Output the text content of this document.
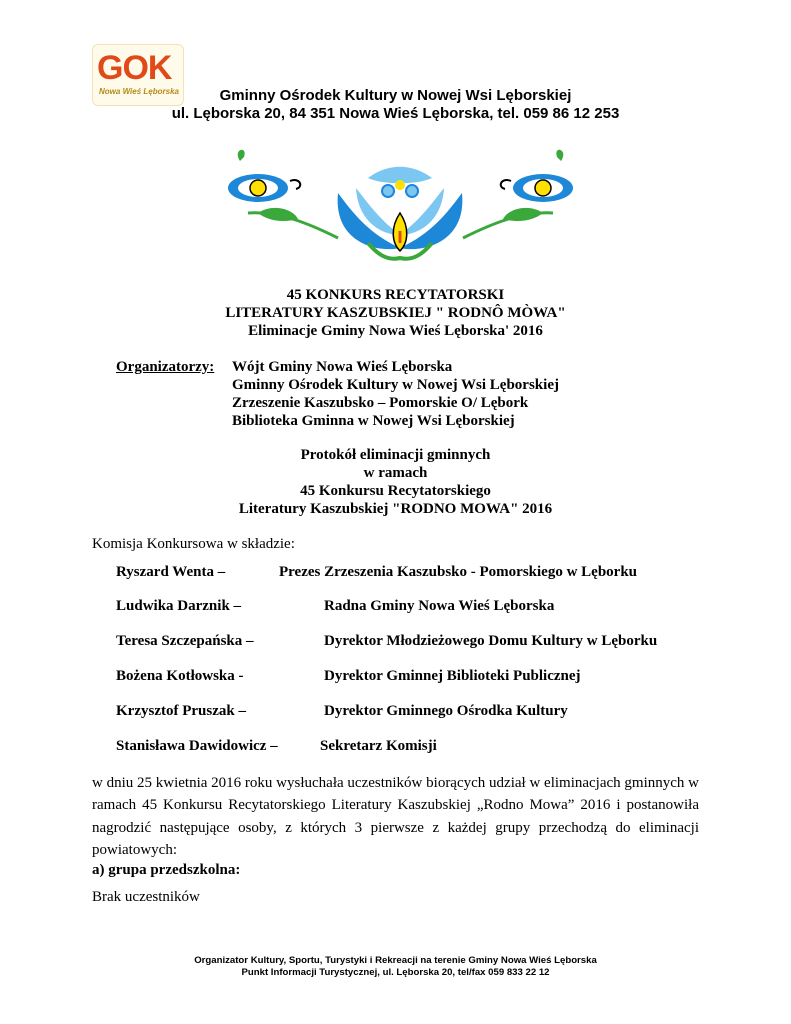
GOK
Nowa Wieś Lęborska	Gminny Ośrodek Kultury w Nowej Wsi Lęborskiej
ul. Lęborska 20, 84 351 Nowa Wieś Lęborska, tel. 059 86 12 253
45 KONKURS RECYTATORSKI
LITERATURY KASZUBSKIEJ " RODNÔ MÒWA"
Eliminacje Gminy Nowa Wieś Lęborska' 2016
Organizatorzy: Wójt Gminy Nowa Wieś Lęborska
Gminny Ośrodek Kultury w Nowej Wsi Lęborskiej
Zrzeszenie Kaszubsko – Pomorskie O/ Lębork
Biblioteka Gminna w Nowej Wsi Lęborskiej
Protokół eliminacji gminnych
w ramach
45 Konkursu Recytatorskiego
Literatury Kaszubskiej "RODNO MOWA" 2016
Komisja Konkursowa w składzie:
Ryszard Wenta –	Prezes Zrzeszenia Kaszubsko - Pomorskiego w Lęborku
Ludwika Darznik –	Radna Gminy Nowa Wieś Lęborska
Teresa Szczepańska –	Dyrektor Młodzieżowego Domu Kultury w Lęborku
Bożena Kotłowska -	Dyrektor Gminnej Biblioteki Publicznej
Krzysztof Pruszak –	Dyrektor Gminnego Ośrodka Kultury
Stanisława Dawidowicz –	Sekretarz Komisji
w dniu 25 kwietnia 2016 roku wysłuchała uczestników biorących udział w eliminacjach gminnych w ramach 45 Konkursu Recytatorskiego Literatury Kaszubskiej „Rodno Mowa” 2016 i postanowiła nagrodzić następujące osoby, z których 3 pierwsze z każdej grupy przechodzą do eliminacji powiatowych:
a) grupa przedszkolna:
Brak uczestników
Organizator Kultury, Sportu, Turystyki i Rekreacji na terenie Gminy Nowa Wieś Lęborska
Punkt Informacji Turystycznej, ul. Lęborska 20, tel/fax 059 833 22 12
